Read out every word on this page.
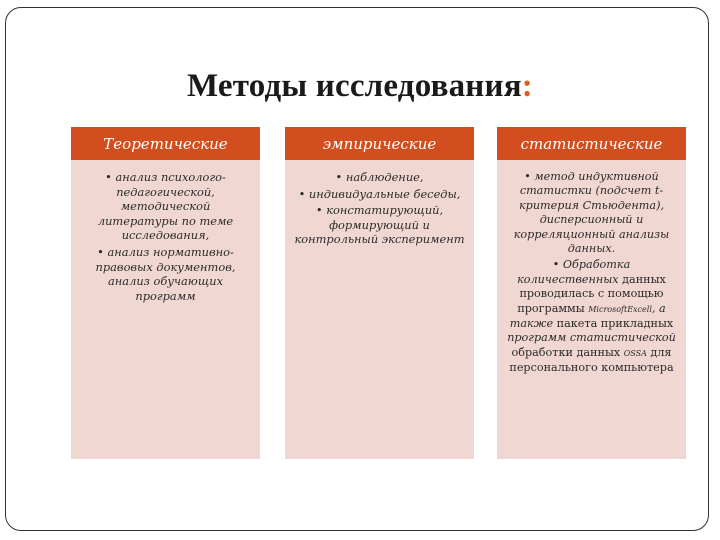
Методы исследования:
Теоретические
• анализ психолого-педагогической, методической литературы по теме исследования,
• анализ нормативно-правовых документов, анализ обучающих программ
эмпирические
• наблюдение,
• индивидуальные беседы,
• констатирующий, формирующий и контрольный эксперимент
статистические
• метод индуктивной статистки (подсчет t-критерия Стьюдента), дисперсионный и корреляционный анализы данных.
• Обработка количественных данных проводилась с помощью программы MicrosoftExcell, а также пакета прикладных программ статистической обработки данных OSSA для персонального компьютера
